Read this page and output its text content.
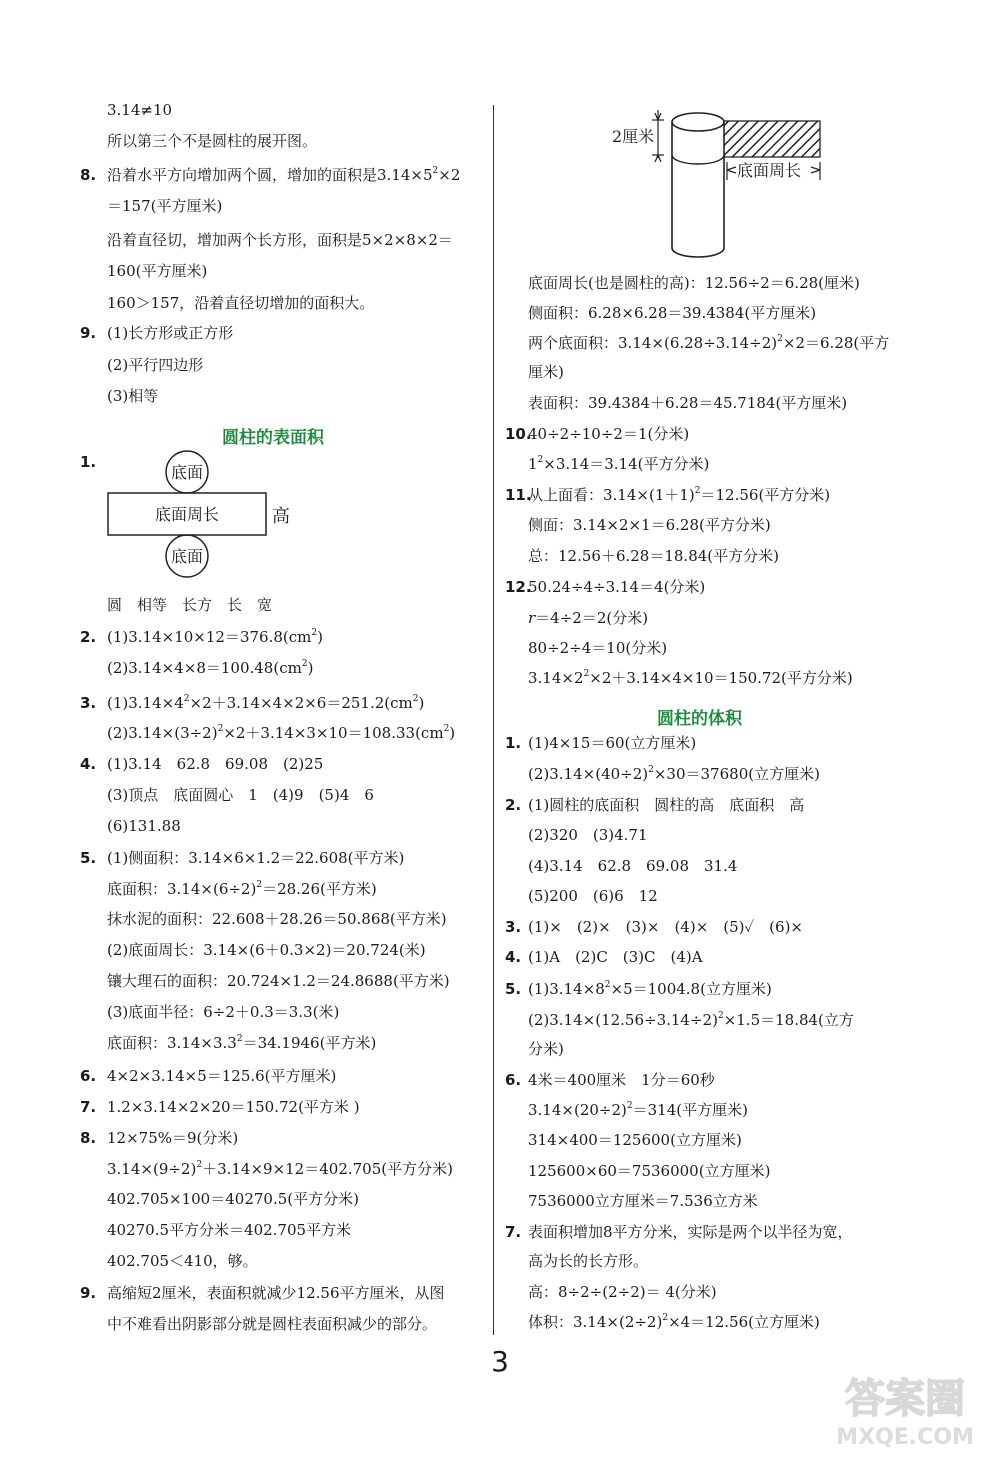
3.14≠10
所以第三个不是圆柱的展开图。
8. 沿着水平方向增加两个圆，增加的面积是$3.14\times 5^2\times 2$
＝157(平方厘米)
沿着直径切，增加两个长方形，面积是5×2×8×2＝
160(平方厘米)
160＞157，沿着直径切增加的面积大。
9. (1)长方形或正方形
(2)平行四边形
(3)相等
圆　相等　长方　长　宽
2. $(1)3.14\times 10\times 12=376.8(cm^2)$
$(2)3.14\times 4\times 8=100.48(cm^2)$
3. $(1)3.14\times 4^2\times 2+3.14\times 4\times 2\times 6=251.2(cm^2)$
$(2)3.14\times(3\div 2)^2\times 2+3.14\times 3\times 10=108.33(cm^2)$
4. (1)3.14　62.8　69.08　(2)25
(3)顶点　底面圆心　1　(4)9　(5)4　6
(6)131.88
5. (1)侧面积：3.14×6×1.2＝22.608(平方米)
底面积：$3.14\times(6\div 2)^2=28.26$(平方米)
抹水泥的面积：22.608＋28.26＝50.868(平方米)
(2)底面周长：3.14×(6＋0.3×2)＝20.724(米)
镶大理石的面积：20.724×1.2＝24.8688(平方米)
(3)底面半径：6÷2＋0.3＝3.3(米)
底面积：$3.14\times 3.3^2=34.1946$(平方米)
6. 4×2×3.14×5＝125.6(平方厘米)
7. 1.2×3.14×2×20＝150.72(平方米 )
8. 12×75%＝9(分米)
$3.14\times(9\div 2)^2+3.14\times 9\times 12=402.705$(平方分米)
402.705×100＝40270.5(平方分米)
40270.5平方分米＝402.705平方米
402.705＜410，够。
9. 高缩短2厘米，表面积就减少12.56平方厘米，从图
中不难看出阴影部分就是圆柱表面积减少的部分。
底面周长(也是圆柱的高)：12.56÷2＝6.28(厘米)
侧面积：6.28×6.28＝39.4384(平方厘米)
两个底面积：$3.14\times(6.28\div 3.14\div 2)^2\times 2=6.28$(平方
厘米)
表面积：39.4384＋6.28＝45.7184(平方厘米)
10.
40÷2÷10÷2＝1(分米)
$1^2\times 3.14=3.14$(平方分米)
11.
从上面看：$3.14\times(1+1)^2=12.56$(平方分米)
侧面：3.14×2×1＝6.28(平方分米)
总：12.56＋6.28＝18.84(平方分米)
12.
50.24÷4÷3.14＝4(分米)
r＝4÷2＝2(分米)
80÷2÷4＝10(分米)
$3.14\times 2^2\times 2+3.14\times 4\times 10=150.72$(平方分米)
1. (1)4×15＝60(立方厘米)
$(2)3.14\times(40\div 2)^2\times 30=37680$(立方厘米)
2. (1)圆柱的底面积　圆柱的高　底面积　高
(2)320　(3)4.71
(4)3.14　62.8　69.08　31.4
(5)200　(6)6　12
3. (1)×　(2)×　(3)×　(4)×　(5)✓　(6)×
4. (1)A　(2)C　(3)C　(4)A
5. $(1)3.14\times 8^2\times 5=1004.8$(立方厘米)
$(2)3.14\times(12.56\div 3.14\div 2)^2\times 1.5=18.84$(立方
分米)
6. 4米＝400厘米　1分＝60秒
$3.14\times(20\div 2)^2=314$(平方厘米)
314×400＝125600(立方厘米)
125600×60＝7536000(立方厘米)
7536000立方厘米＝7.536立方米
7. 表面积增加8平方分米，实际是两个以半径为宽，
高为长的长方形。
高：8÷2÷(2÷2)＝ 4(分米)
体积：$3.14\times(2\div 2)^2\times 4=12.56$(立方厘米)
圆柱的表面积
圆柱的体积
1.
底面
底面周长	高
底面
2厘米
底面周长
3
答案圈
MXQE.COM
